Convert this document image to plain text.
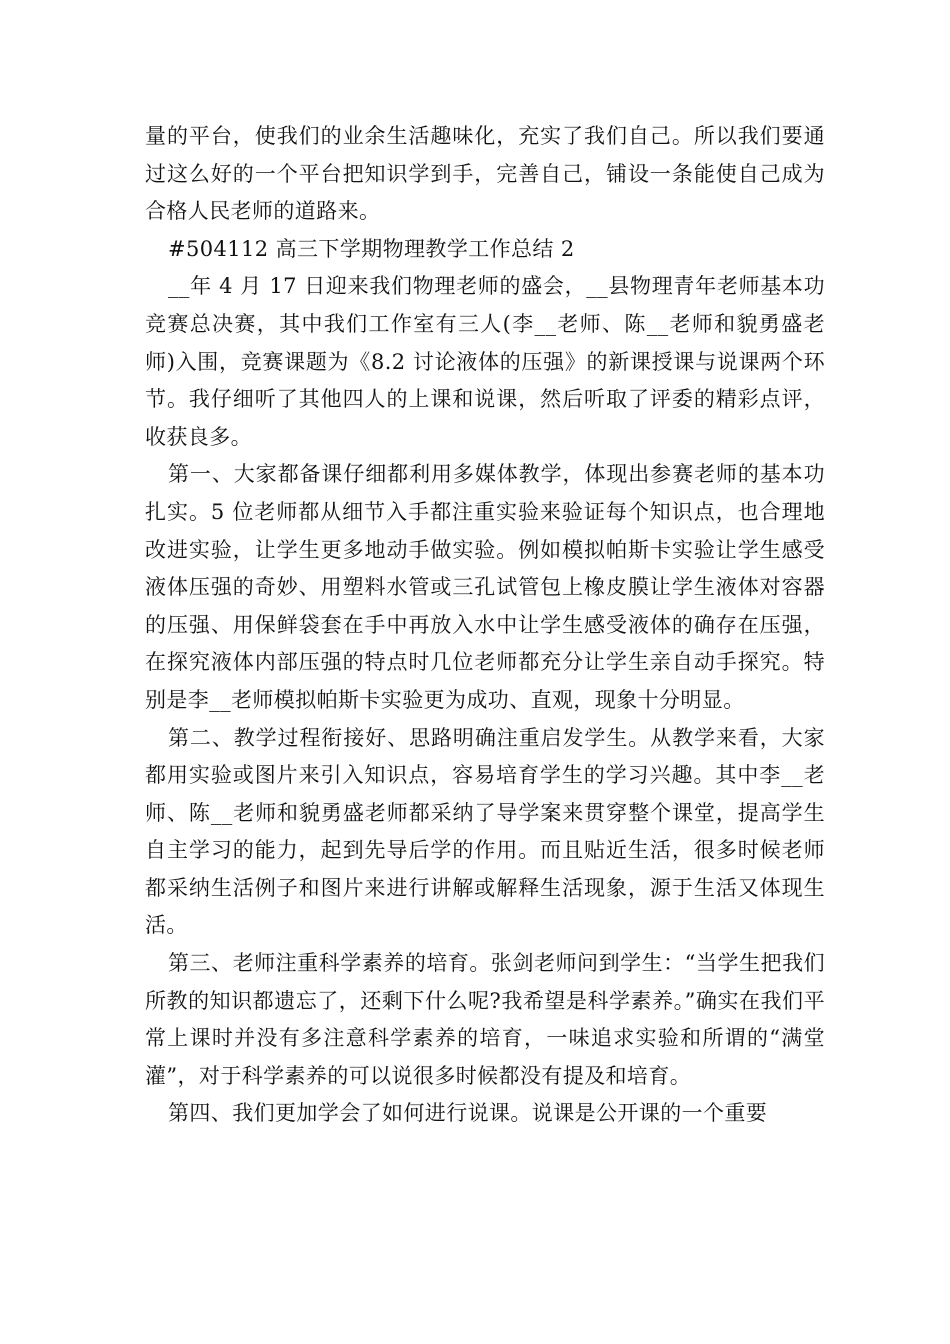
量的平台，使我们的业余生活趣味化，充实了我们自己。所以我们要通过这么好的一个平台把知识学到手，完善自己，铺设一条能使自己成为合格人民老师的道路来。

#504112 高三下学期物理教学工作总结 2

__年 4 月 17 日迎来我们物理老师的盛会，__县物理青年老师基本功竞赛总决赛，其中我们工作室有三人(李__老师、陈__老师和貌勇盛老师)入围，竞赛课题为《8.2 讨论液体的压强》的新课授课与说课两个环节。我仔细听了其他四人的上课和说课，然后听取了评委的精彩点评，收获良多。

第一、大家都备课仔细都利用多媒体教学，体现出参赛老师的基本功扎实。5 位老师都从细节入手都注重实验来验证每个知识点，也合理地改进实验，让学生更多地动手做实验。例如模拟帕斯卡实验让学生感受液体压强的奇妙、用塑料水管或三孔试管包上橡皮膜让学生液体对容器的压强、用保鲜袋套在手中再放入水中让学生感受液体的确存在压强，在探究液体内部压强的特点时几位老师都充分让学生亲自动手探究。特别是李__老师模拟帕斯卡实验更为成功、直观，现象十分明显。

第二、教学过程衔接好、思路明确注重启发学生。从教学来看，大家都用实验或图片来引入知识点，容易培育学生的学习兴趣。其中李__老师、陈__老师和貌勇盛老师都采纳了导学案来贯穿整个课堂，提高学生自主学习的能力，起到先导后学的作用。而且贴近生活，很多时候老师都采纳生活例子和图片来进行讲解或解释生活现象，源于生活又体现生活。

第三、老师注重科学素养的培育。张剑老师问到学生：“当学生把我们所教的知识都遗忘了，还剩下什么呢?我希望是科学素养。”确实在我们平常上课时并没有多注意科学素养的培育，一味追求实验和所谓的“满堂灌”，对于科学素养的可以说很多时候都没有提及和培育。

第四、我们更加学会了如何进行说课。说课是公开课的一个重要
